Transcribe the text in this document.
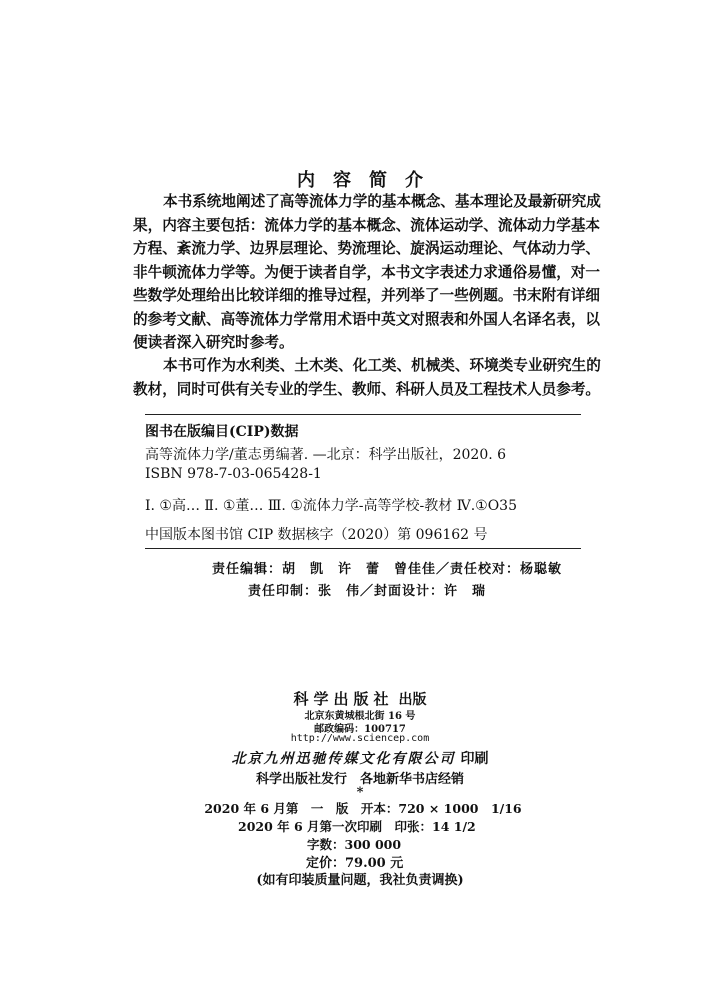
内容简介
本书系统地阐述了高等流体力学的基本概念、基本理论及最新研究成
果，内容主要包括：流体力学的基本概念、流体运动学、流体动力学基本
方程、紊流力学、边界层理论、势流理论、旋涡运动理论、气体动力学、
非牛顿流体力学等。为便于读者自学，本书文字表述力求通俗易懂，对一
些数学处理给出比较详细的推导过程，并列举了一些例题。书末附有详细
的参考文献、高等流体力学常用术语中英文对照表和外国人名译名表，以
便读者深入研究时参考。
本书可作为水利类、土木类、化工类、机械类、环境类专业研究生的
教材，同时可供有关专业的学生、教师、科研人员及工程技术人员参考。
图书在版编目(CIP)数据
高等流体力学/董志勇编著. —北京：科学出版社，2020. 6
ISBN 978-7-03-065428-1
Ⅰ. ①高… Ⅱ. ①董… Ⅲ. ①流体力学-高等学校-教材 Ⅳ.①O35
中国版本图书馆 CIP 数据核字（2020）第 096162 号
责任编辑：胡　凯　许　蕾　曾佳佳／责任校对：杨聪敏
责任印制：张　伟／封面设计：许　瑞
科学出版社 出版
北京东黄城根北街 16 号
邮政编码：100717
http://www.sciencep.com
北京九州迅驰传媒文化有限公司 印刷
科学出版社发行　各地新华书店经销
*
2020 年 6 月第　一　版　开本：720 × 1000　1/16
2020 年 6 月第一次印刷　印张：14 1/2
字数：300 000
定价：79.00 元
(如有印装质量问题，我社负责调换)
